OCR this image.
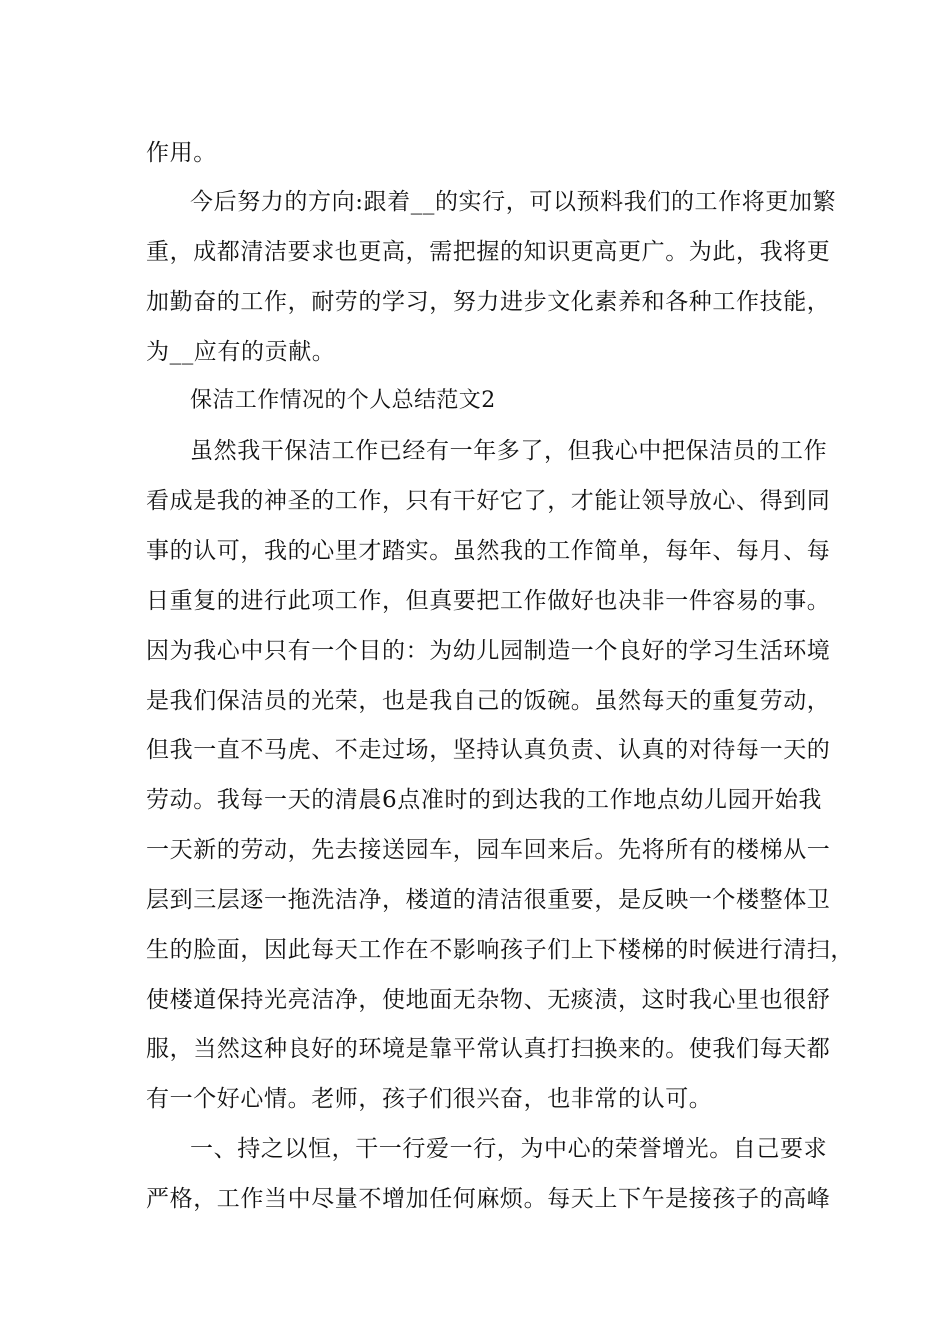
作用。
今后努力的方向:跟着__的实行，可以预料我们的工作将更加繁
重，成都清洁要求也更高，需把握的知识更高更广。为此，我将更
加勤奋的工作，耐劳的学习，努力进步文化素养和各种工作技能，
为__应有的贡献。
保洁工作情况的个人总结范文2
虽然我干保洁工作已经有一年多了，但我心中把保洁员的工作
看成是我的神圣的工作，只有干好它了，才能让领导放心、得到同
事的认可，我的心里才踏实。虽然我的工作简单，每年、每月、每
日重复的进行此项工作，但真要把工作做好也决非一件容易的事。
因为我心中只有一个目的：为幼儿园制造一个良好的学习生活环境
是我们保洁员的光荣，也是我自己的饭碗。虽然每天的重复劳动，
但我一直不马虎、不走过场，坚持认真负责、认真的对待每一天的
劳动。我每一天的清晨6点准时的到达我的工作地点幼儿园开始我
一天新的劳动，先去接送园车，园车回来后。先将所有的楼梯从一
层到三层逐一拖洗洁净，楼道的清洁很重要，是反映一个楼整体卫
生的脸面，因此每天工作在不影响孩子们上下楼梯的时候进行清扫，
使楼道保持光亮洁净，使地面无杂物、无痰渍，这时我心里也很舒
服，当然这种良好的环境是靠平常认真打扫换来的。使我们每天都
有一个好心情。老师，孩子们很兴奋，也非常的认可。
一、持之以恒，干一行爱一行，为中心的荣誉增光。自己要求
严格，工作当中尽量不增加任何麻烦。每天上下午是接孩子的高峰
